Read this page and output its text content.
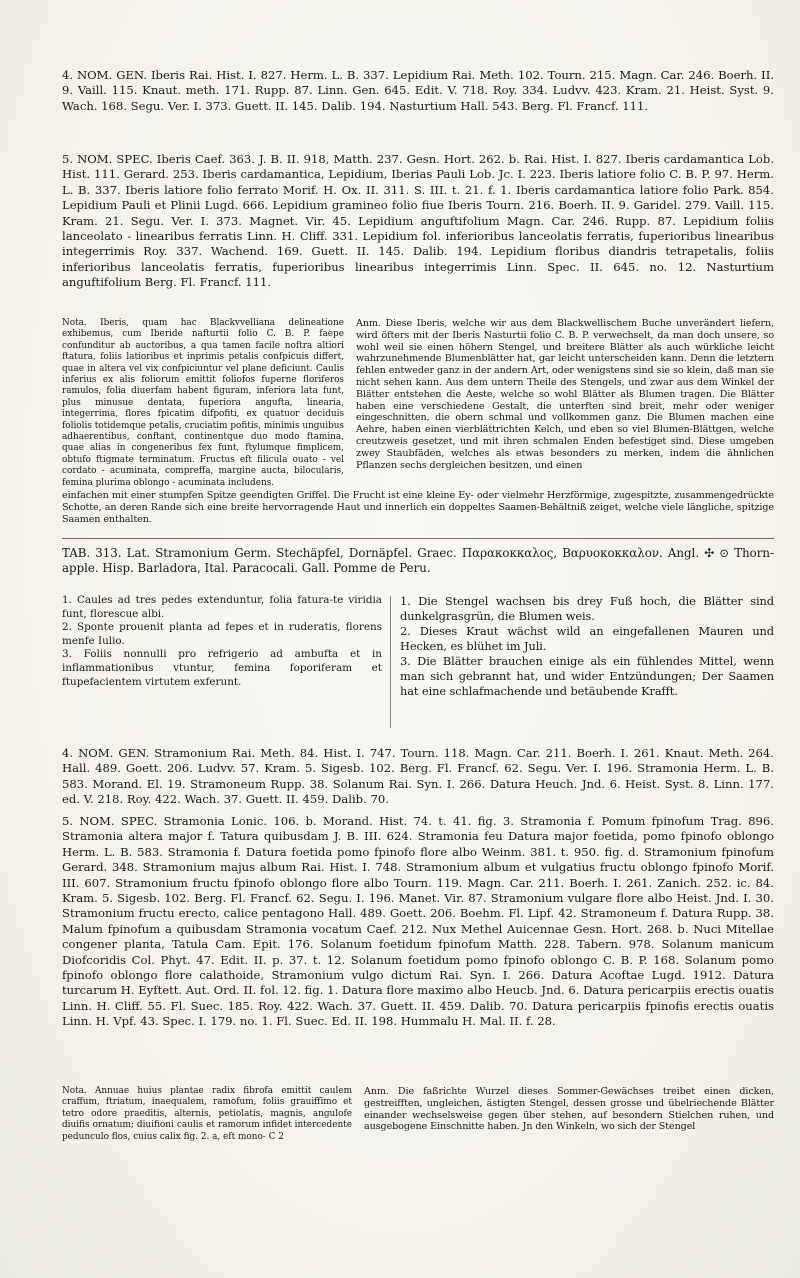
4. NOM. GEN. Iberis Rai. Hist. I. 827. Herm. L. B. 337. Lepidium Rai. Meth. 102. Tourn. 215. Magn. Car. 246. Boerh. II. 9. Vaill. 115. Knaut. meth. 171. Rupp. 87. Linn. Gen. 645. Edit. V. 718. Roy. 334. Ludvv. 423. Kram. 21. Heist. Syst. 9. Wach. 168. Segu. Ver. I. 373. Guett. II. 145. Dalib. 194. Nasturtium Hall. 543. Berg. Fl. Francf. 111.

5. NOM. SPEC. Iberis Caef. 363. J. B. II. 918, Matth. 237. Gesn. Hort. 262. b. Rai. Hist. I. 827. Iberis cardamantica Lob. Hist. 111. Gerard. 253. Iberis cardamantica, Lepidium, Iberias Pauli Lob. Jc. I. 223. Iberis latiore folio C. B. P. 97. Herm. L. B. 337. Iberis latiore folio ferrato Morif. H. Ox. II. 311. S. III. t. 21. f. 1. Iberis cardamantica latiore folio Park. 854. Lepidium Pauli et Plinii Lugd. 666. Lepidium gramineo folio fiue Iberis Tourn. 216. Boerh. II. 9. Garidel. 279. Vaill. 115. Kram. 21. Segu. Ver. I. 373. Magnet. Vir. 45. Lepidium anguftifolium Magn. Car. 246. Rupp. 87. Lepidium foliis lanceolato - linearibus ferratis Linn. H. Cliff. 331. Lepidium fol. inferioribus lanceolatis ferratis, fuperioribus linearibus integerrimis Roy. 337. Wachend. 169. Guett. II. 145. Dalib. 194. Lepidium floribus diandris tetrapetalis, foliis inferioribus lanceolatis ferratis, fuperioribus linearibus integerrimis Linn. Spec. II. 645. no. 12. Nasturtium anguftifolium Berg. Fl. Francf. 111.

Nota. Iberis, quam hac Blackvvelliana delineatione exhibemus, cum Iberide nafturtii folio C. B. P. faepe confunditur ab auctoribus, a qua tamen facile noftra altiori ftatura, foliis latioribus et inprimis petalis confpicuis differt, quae in altera vel vix confpiciuntur vel plane deficiunt. Caulis inferius ex alis foliorum emittit foliofos fuperne floriferos ramulos, folia diuerfam habent figuram, inferiora lata funt, plus minusue dentata, fuperiora angufta, linearia, integerrima, flores fpicatim difpofiti, ex quatuor deciduis foliolis totidemque petalis, cruciatim pofitis, minimis unguibus adhaerentibus, conftant, continentque duo modo ftamina, quae alias in congeneribus fex funt, ftylumque fimplicem, obtufo ftigmate terminatum. Fructus eft filicula ouato - vel cordato - acuminata, compreffa, margine aucta, bilocularis, femina plurima oblongo - acuminata includens.

Anm. Diese Iberis, welche wir aus dem Blackwellischem Buche unverändert liefern, wird öfters mit der Iberis Nasturtii folio C. B. P. verwechselt, da man doch unsere, so wohl weil sie einen höhern Stengel, und breitere Blätter als auch würkliche leicht wahrzunehmende Blumenblätter hat, gar leicht unterscheiden kann. Denn die letztern fehlen entweder ganz in der andern Art, oder wenigstens sind sie so klein, daß man sie nicht sehen kann. Aus dem untern Theile des Stengels, und zwar aus dem Winkel der Blätter entstehen die Aeste, welche so wohl Blätter als Blumen tragen. Die Blätter haben eine verschiedene Gestalt, die unterften sind breit, mehr oder weniger eingeschnitten, die obern schmal und vollkommen ganz. Die Blumen machen eine Aehre, haben einen vierblättrichten Kelch, und eben so viel Blumen-Blättgen, welche creutzweis gesetzet, und mit ihren schmalen Enden befestiget sind. Diese umgeben zwey Staubfäden, welches als etwas besonders zu merken, indem die ähnlichen Pflanzen sechs dergleichen besitzen, und einen

einfachen mit einer stumpfen Spitze geendigten Griffel. Die Frucht ist eine kleine Ey- oder vielmehr Herzförmige, zugespitzte, zusammengedrückte Schotte, an deren Rande sich eine breite hervorragende Haut und innerlich ein doppeltes Saamen-Behältniß zeiget, welche viele längliche, spitzige Saamen enthalten.

TAB. 313. Lat. Stramonium Germ. Stechäpfel, Dornäpfel. Graec. Παρακοκκαλος, Βαρυοκοκκαλον. Angl. ✣ ⊙ Thorn-apple. Hisp. Barladora, Ital. Paracocali. Gall. Pomme de Peru.

1. Caules ad tres pedes extenduntur, folia fatura-te viridia funt, florescue albi.

2. Sponte prouenit planta ad fepes et in ruderatis, florens menfe Iulio.

3. Foliis nonnulli pro refrigerio ad ambufta et in inflammationibus vtuntur, femina foporiferam et ftupefacientem virtutem exferunt.

1. Die Stengel wachsen bis drey Fuß hoch, die Blätter sind dunkelgrasgrün, die Blumen weis.

2. Dieses Kraut wächst wild an eingefallenen Mauren und Hecken, es blühet im Juli.

3. Die Blätter brauchen einige als ein fühlendes Mittel, wenn man sich gebrannt hat, und wider Entzündungen; Der Saamen hat eine schlafmachende und betäubende Krafft.

4. NOM. GEN. Stramonium Rai. Meth. 84. Hist. I. 747. Tourn. 118. Magn. Car. 211. Boerh. I. 261. Knaut. Meth. 264. Hall. 489. Goett. 206. Ludvv. 57. Kram. 5. Sigesb. 102. Berg. Fl. Francf. 62. Segu. Ver. I. 196. Stramonia Herm. L. B. 583. Morand. El. 19. Stramoneum Rupp. 38. Solanum Rai. Syn. I. 266. Datura Heuch. Jnd. 6. Heist. Syst. 8. Linn. 177. ed. V. 218. Roy. 422. Wach. 37. Guett. II. 459. Dalib. 70.

5. NOM. SPEC. Stramonia Lonic. 106. b. Morand. Hist. 74. t. 41. fig. 3. Stramonia f. Pomum fpinofum Trag. 896. Stramonia altera major f. Tatura quibusdam J. B. III. 624. Stramonia feu Datura major foetida, pomo fpinofo oblongo Herm. L. B. 583. Stramonia f. Datura foetida pomo fpinofo flore albo Weinm. 381. t. 950. fig. d. Stramonium fpinofum Gerard. 348. Stramonium majus album Rai. Hist. I. 748. Stramonium album et vulgatius fructu oblongo fpinofo Morif. III. 607. Stramonium fructu fpinofo oblongo flore albo Tourn. 119. Magn. Car. 211. Boerh. I. 261. Zanich. 252. ic. 84. Kram. 5. Sigesb. 102. Berg. Fl. Francf. 62. Segu. I. 196. Manet. Vir. 87. Stramonium vulgare flore albo Heist. Jnd. I. 30. Stramonium fructu erecto, calice pentagono Hall. 489. Goett. 206. Boehm. Fl. Lipf. 42. Stramoneum f. Datura Rupp. 38. Malum fpinofum a quibusdam Stramonia vocatum Caef. 212. Nux Methel Auicennae Gesn. Hort. 268. b. Nuci Mitellae congener planta, Tatula Cam. Epit. 176. Solanum foetidum fpinofum Matth. 228. Tabern. 978. Solanum manicum Diofcoridis Col. Phyt. 47. Edit. II. p. 37. t. 12. Solanum foetidum pomo fpinofo oblongo C. B. P. 168. Solanum pomo fpinofo oblongo flore calathoide, Stramonium vulgo dictum Rai. Syn. I. 266. Datura Acoftae Lugd. 1912. Datura turcarum H. Eyftett. Aut. Ord. II. fol. 12. fig. 1. Datura flore maximo albo Heucb. Jnd. 6. Datura pericarpiis erectis ouatis Linn. H. Cliff. 55. Fl. Suec. 185. Roy. 422. Wach. 37. Guett. II. 459. Dalib. 70. Datura pericarpiis fpinofis erectis ouatis Linn. H. Vpf. 43. Spec. I. 179. no. 1. Fl. Suec. Ed. II. 198. Hummalu H. Mal. II. f. 28.

Nota. Annuae huius plantae radix fibrofa emittit caulem craffum, ftriatum, inaequalem, ramofum, foliis grauiffimo et tetro odore praeditis, alternis, petiolatis, magnis, angulofe diuifis ornatum; diuifioni caulis et ramorum infidet intercedente pedunculo flos, cuius calix fig. 2. a, eft mono- C 2

Anm. Die faßrichte Wurzel dieses Sommer-Gewächses treibet einen dicken, gestreifften, ungleichen, ästigten Stengel, dessen grosse und übelriechende Blätter einander wechselsweise gegen über stehen, auf besondern Stielchen ruhen, und ausgebogene Einschnitte haben. Jn den Winkeln, wo sich der Stengel
